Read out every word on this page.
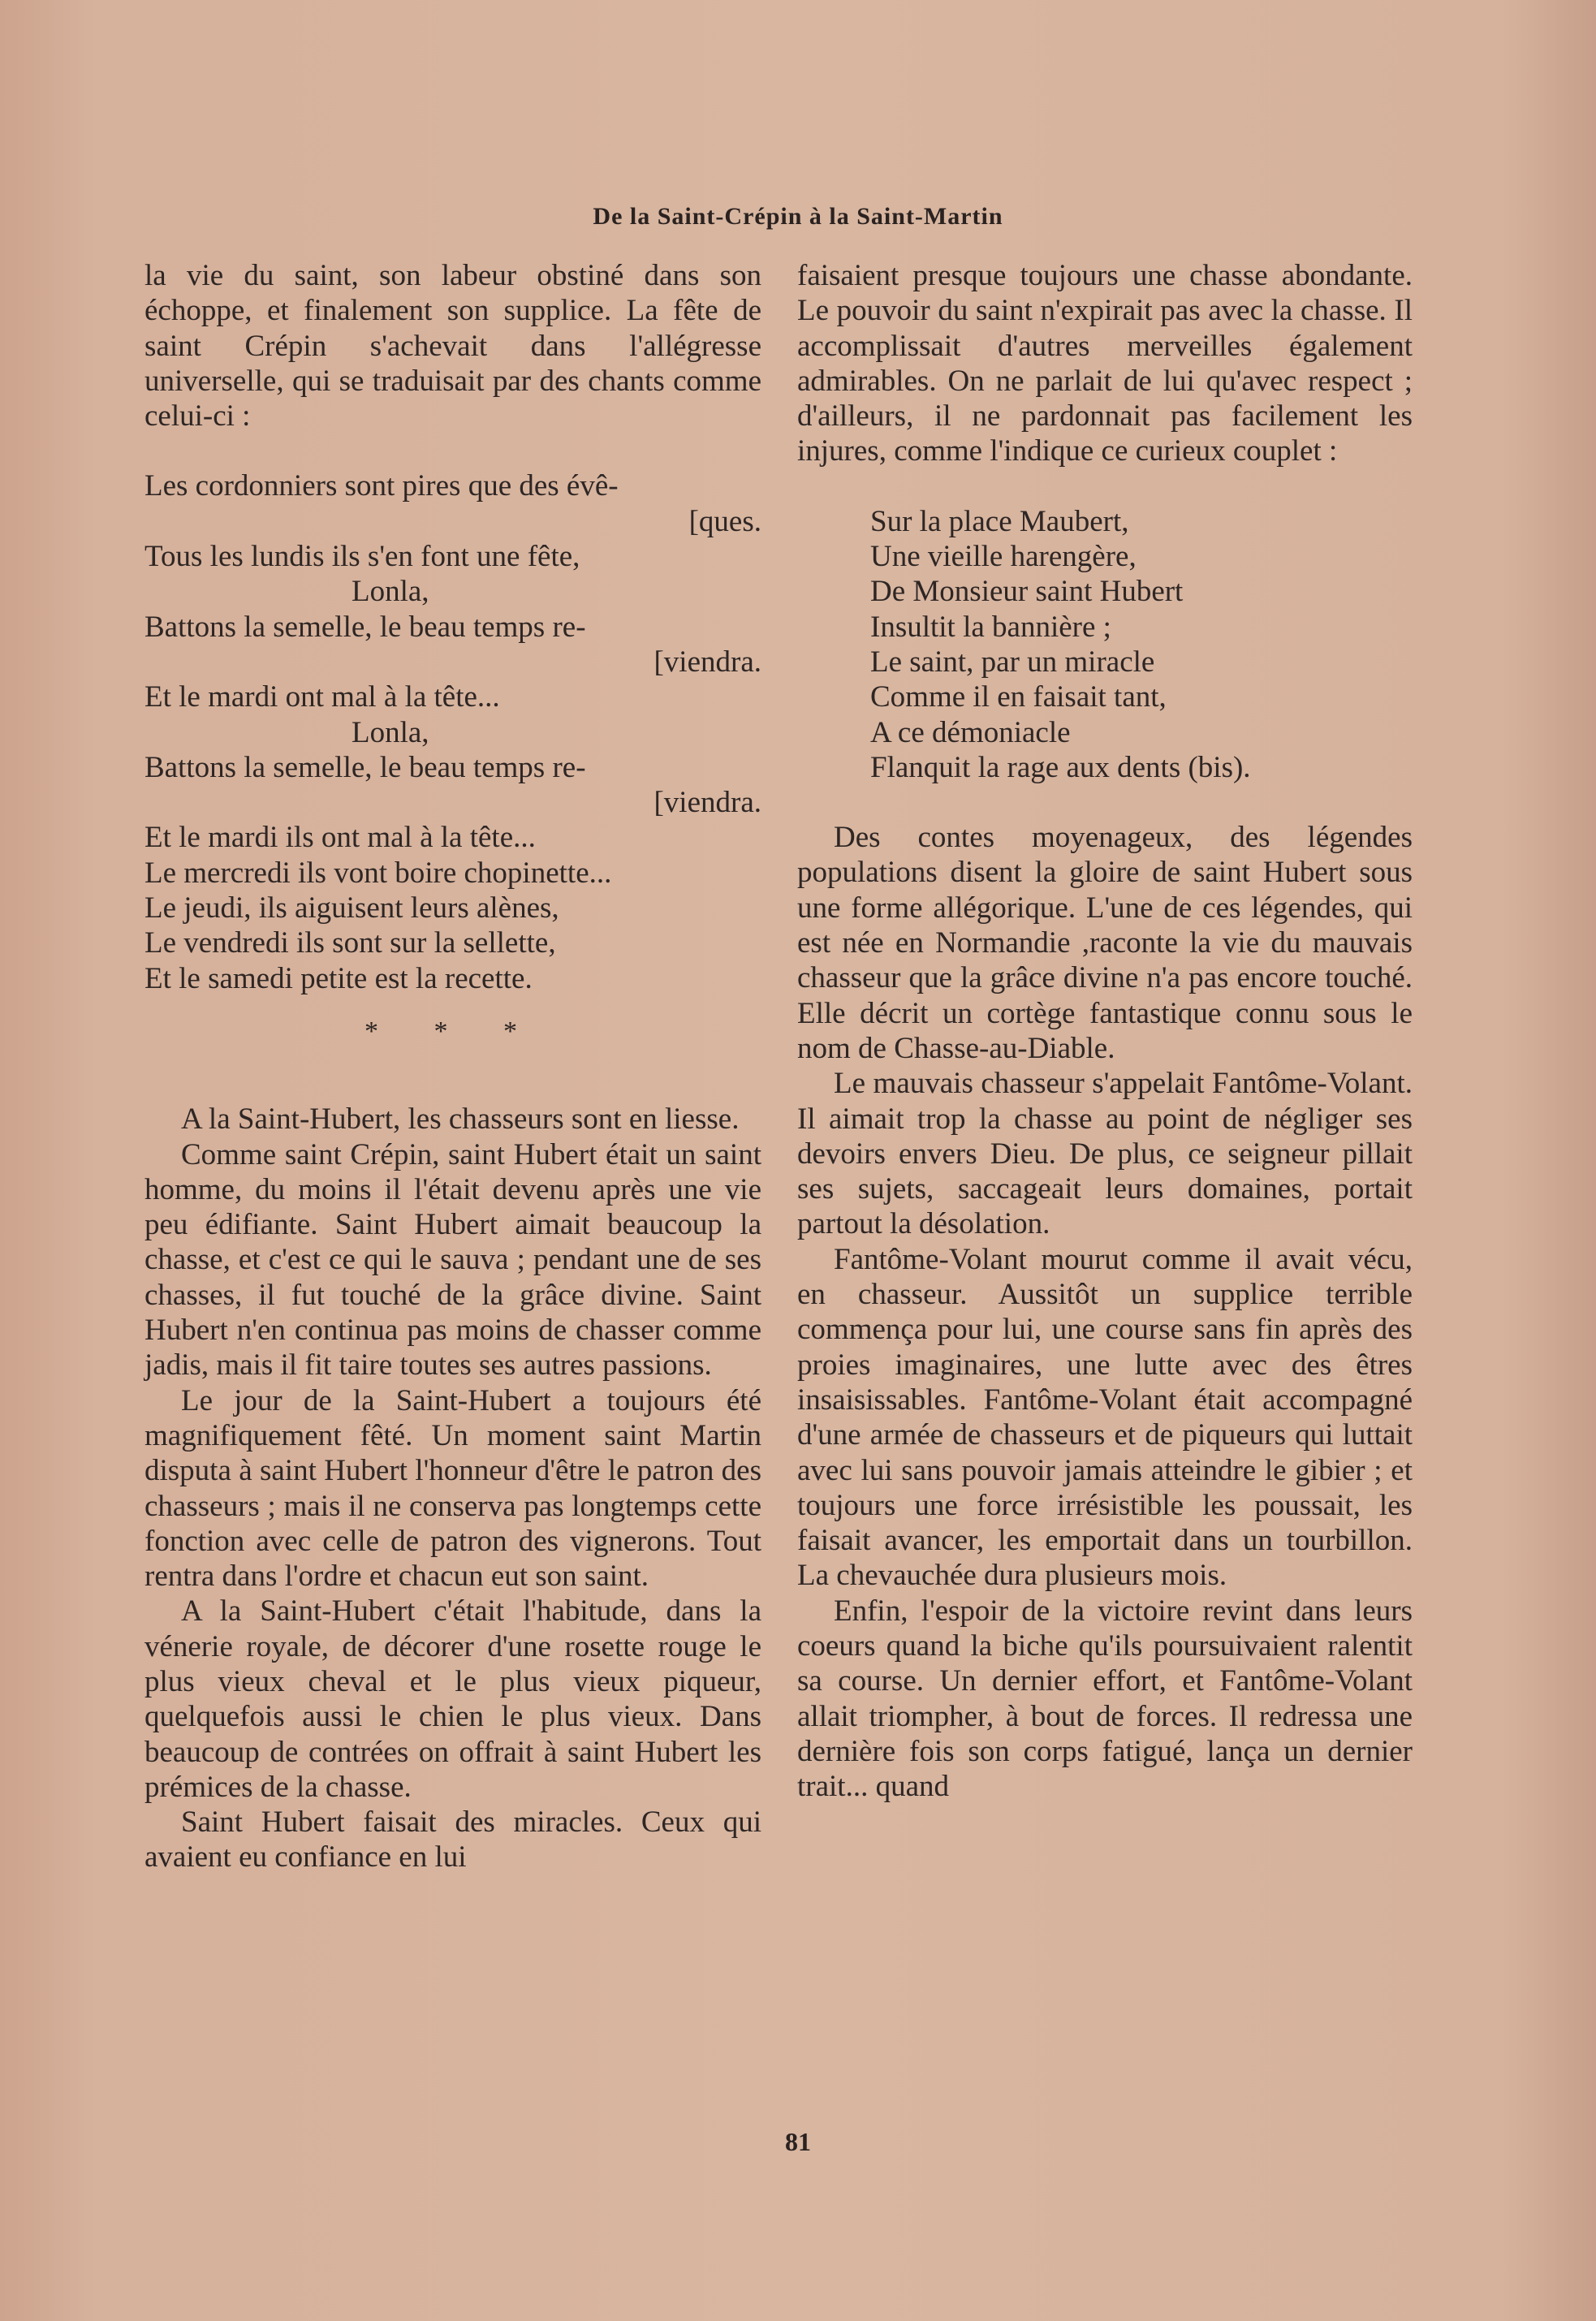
De la Saint-Crépin à la Saint-Martin

la vie du saint, son labeur obstiné dans son échoppe, et finalement son supplice. La fête de saint Crépin s'achevait dans l'allégresse universelle, qui se traduisait par des chants comme celui-ci :

Les cordonniers sont pires que des évê-

[ques.

Tous les lundis ils s'en font une fête,

Lonla,

Battons la semelle, le beau temps re-

[viendra.

Et le mardi ont mal à la tête...

Lonla,

Battons la semelle, le beau temps re-

[viendra.

Et le mardi ils ont mal à la tête...

Le mercredi ils vont boire chopinette...

Le jeudi, ils aiguisent leurs alènes,

Le vendredi ils sont sur la sellette,

Et le samedi petite est la recette.

* * *

A la Saint-Hubert, les chasseurs sont en liesse.

Comme saint Crépin, saint Hubert était un saint homme, du moins il l'était devenu après une vie peu édifiante. Saint Hubert aimait beaucoup la chasse, et c'est ce qui le sauva ; pendant une de ses chasses, il fut touché de la grâce divine. Saint Hubert n'en continua pas moins de chasser comme jadis, mais il fit taire toutes ses autres passions.

Le jour de la Saint-Hubert a toujours été magnifiquement fêté. Un moment saint Martin disputa à saint Hubert l'honneur d'être le patron des chasseurs ; mais il ne conserva pas longtemps cette fonction avec celle de patron des vignerons. Tout rentra dans l'ordre et chacun eut son saint.

A la Saint-Hubert c'était l'habitude, dans la vénerie royale, de décorer d'une rosette rouge le plus vieux cheval et le plus vieux piqueur, quelquefois aussi le chien le plus vieux. Dans beaucoup de contrées on offrait à saint Hubert les prémices de la chasse.

Saint Hubert faisait des miracles. Ceux qui avaient eu confiance en lui

faisaient presque toujours une chasse abondante. Le pouvoir du saint n'expirait pas avec la chasse. Il accomplissait d'autres merveilles également admirables. On ne parlait de lui qu'avec respect ; d'ailleurs, il ne pardonnait pas facilement les injures, comme l'indique ce curieux couplet :

Sur la place Maubert,

Une vieille harengère,

De Monsieur saint Hubert

Insultit la bannière ;

Le saint, par un miracle

Comme il en faisait tant,

A ce démoniacle

Flanquit la rage aux dents (bis).

Des contes moyenageux, des légendes populations disent la gloire de saint Hubert sous une forme allégorique. L'une de ces légendes, qui est née en Normandie ,raconte la vie du mauvais chasseur que la grâce divine n'a pas encore touché. Elle décrit un cortège fantastique connu sous le nom de Chasse-au-Diable.

Le mauvais chasseur s'appelait Fantôme-Volant. Il aimait trop la chasse au point de négliger ses devoirs envers Dieu. De plus, ce seigneur pillait ses sujets, saccageait leurs domaines, portait partout la désolation.

Fantôme-Volant mourut comme il avait vécu, en chasseur. Aussitôt un supplice terrible commença pour lui, une course sans fin après des proies imaginaires, une lutte avec des êtres insaisissables. Fantôme-Volant était accompagné d'une armée de chasseurs et de piqueurs qui luttait avec lui sans pouvoir jamais atteindre le gibier ; et toujours une force irrésistible les poussait, les faisait avancer, les emportait dans un tourbillon. La chevauchée dura plusieurs mois.

Enfin, l'espoir de la victoire revint dans leurs coeurs quand la biche qu'ils poursuivaient ralentit sa course. Un dernier effort, et Fantôme-Volant allait triompher, à bout de forces. Il redressa une dernière fois son corps fatigué, lança un dernier trait... quand

81
